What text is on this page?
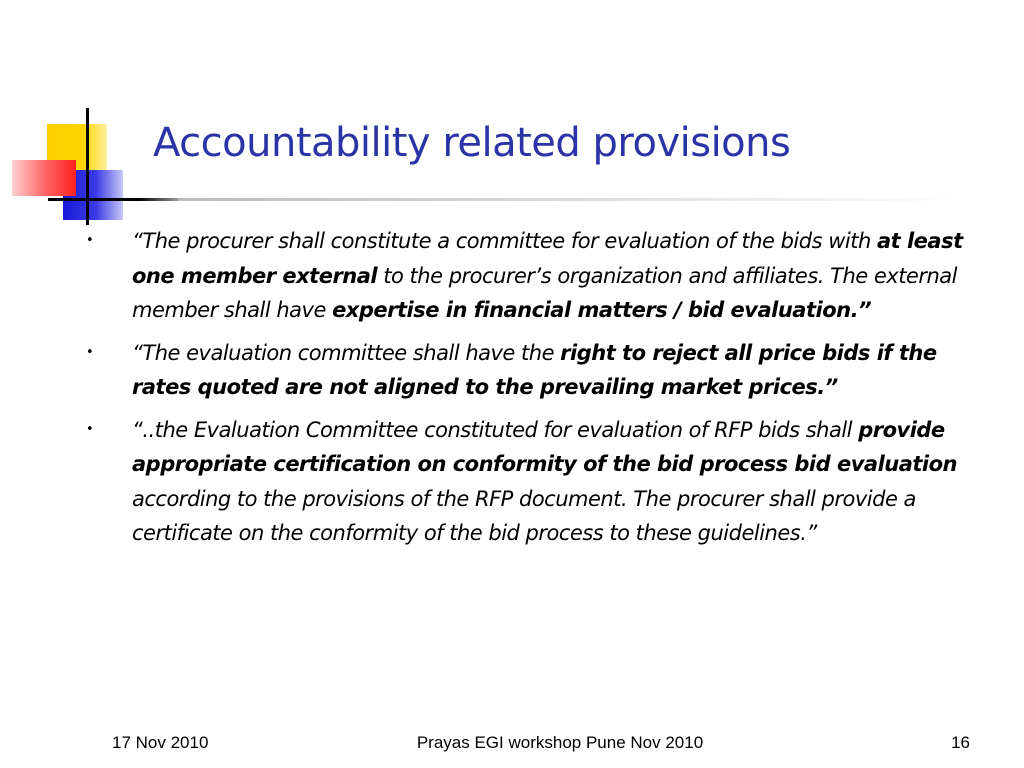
Accountability related provisions
• “The procurer shall constitute a committee for evaluation of the bids with at least one member external to the procurer’s organization and affiliates. The external member shall have expertise in financial matters / bid evaluation.”
• “The evaluation committee shall have the right to reject all price bids if the rates quoted are not aligned to the prevailing market prices.”
• “..the Evaluation Committee constituted for evaluation of RFP bids shall provide appropriate certification on conformity of the bid process bid evaluation according to the provisions of the RFP document. The procurer shall provide a certificate on the conformity of the bid process to these guidelines.”
17 Nov 2010	Prayas EGI workshop Pune Nov 2010	16
